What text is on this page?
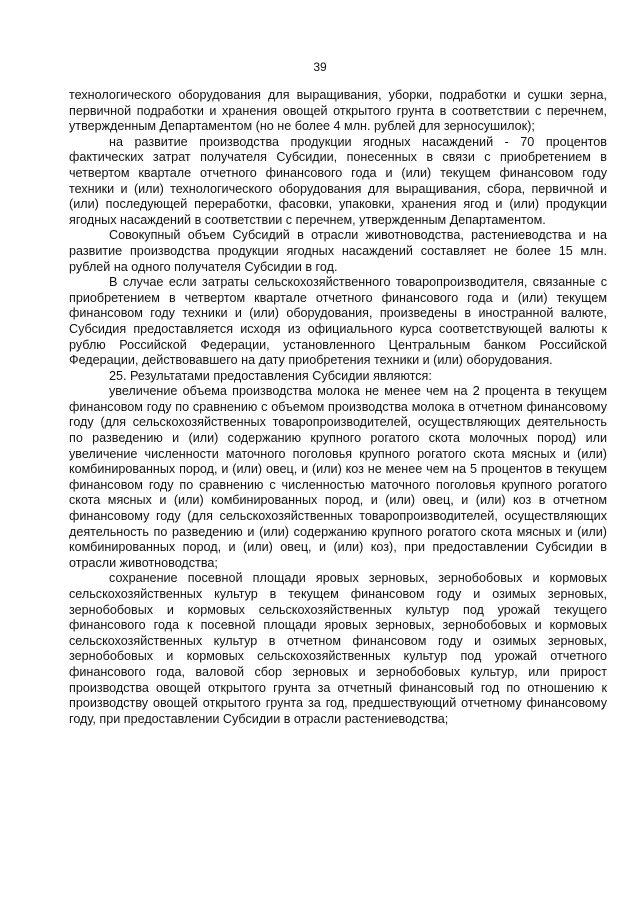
39

технологического оборудования для выращивания, уборки, подработки и сушки зерна, первичной подработки и хранения овощей открытого грунта в соответствии с перечнем, утвержденным Департаментом (но не более 4 млн. рублей для зерносушилок);

на развитие производства продукции ягодных насаждений - 70 процентов фактических затрат получателя Субсидии, понесенных в связи с приобретением в четвертом квартале отчетного финансового года и (или) текущем финансовом году техники и (или) технологического оборудования для выращивания, сбора, первичной и (или) последующей переработки, фасовки, упаковки, хранения ягод и (или) продукции ягодных насаждений в соответствии с перечнем, утвержденным Департаментом.

Совокупный объем Субсидий в отрасли животноводства, растениеводства и на развитие производства продукции ягодных насаждений составляет не более 15 млн. рублей на одного получателя Субсидии в год.

В случае если затраты сельскохозяйственного товаропроизводителя, связанные с приобретением в четвертом квартале отчетного финансового года и (или) текущем финансовом году техники и (или) оборудования, произведены в иностранной валюте, Субсидия предоставляется исходя из официального курса соответствующей валюты к рублю Российской Федерации, установленного Центральным банком Российской Федерации, действовавшего на дату приобретения техники и (или) оборудования.

25. Результатами предоставления Субсидии являются:

увеличение объема производства молока не менее чем на 2 процента в текущем финансовом году по сравнению с объемом производства молока в отчетном финансовому году (для сельскохозяйственных товаропроизводителей, осуществляющих деятельность по разведению и (или) содержанию крупного рогатого скота молочных пород) или увеличение численности маточного поголовья крупного рогатого скота мясных и (или) комбинированных пород, и (или) овец, и (или) коз не менее чем на 5 процентов в текущем финансовом году по сравнению с численностью маточного поголовья крупного рогатого скота мясных и (или) комбинированных пород, и (или) овец, и (или) коз в отчетном финансовому году (для сельскохозяйственных товаропроизводителей, осуществляющих деятельность по разведению и (или) содержанию крупного рогатого скота мясных и (или) комбинированных пород, и (или) овец, и (или) коз), при предоставлении Субсидии в отрасли животноводства;

сохранение посевной площади яровых зерновых, зернобобовых и кормовых сельскохозяйственных культур в текущем финансовом году и озимых зерновых, зернобобовых и кормовых сельскохозяйственных культур под урожай текущего финансового года к посевной площади яровых зерновых, зернобобовых и кормовых сельскохозяйственных культур в отчетном финансовом году и озимых зерновых, зернобобовых и кормовых сельскохозяйственных культур под урожай отчетного финансового года, валовой сбор зерновых и зернобобовых культур, или прирост производства овощей открытого грунта за отчетный финансовый год по отношению к производству овощей открытого грунта за год, предшествующий отчетному финансовому году, при предоставлении Субсидии в отрасли растениеводства;
